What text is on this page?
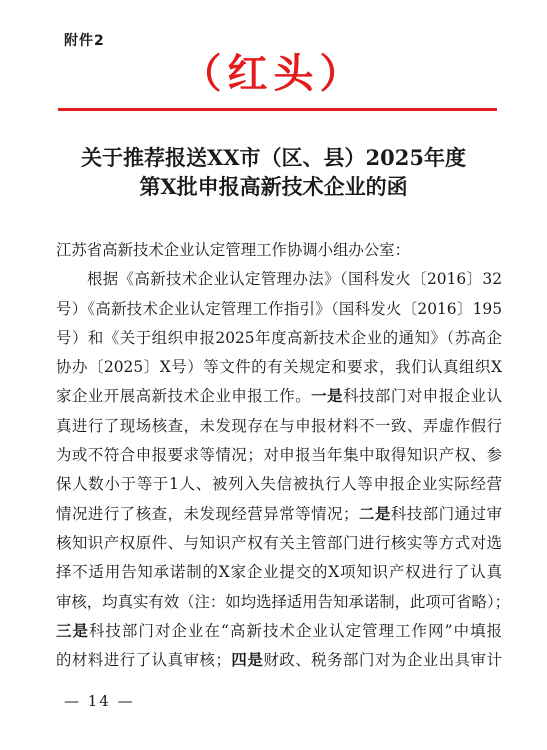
附件2
（红头）
关于推荐报送XX市（区、县）2025年度
第X批申报高新技术企业的函
江苏省高新技术企业认定管理工作协调小组办公室：
根据《高新技术企业认定管理办法》（国科发火〔2016〕32
号）《高新技术企业认定管理工作指引》（国科发火〔2016〕195
号）和《关于组织申报2025年度高新技术企业的通知》（苏高企
协办〔2025〕X号）等文件的有关规定和要求，我们认真组织X
家企业开展高新技术企业申报工作。一是科技部门对申报企业认
真进行了现场核查，未发现存在与申报材料不一致、弄虚作假行
为或不符合申报要求等情况；对申报当年集中取得知识产权、参
保人数小于等于1人、被列入失信被执行人等申报企业实际经营
情况进行了核查，未发现经营异常等情况；二是科技部门通过审
核知识产权原件、与知识产权有关主管部门进行核实等方式对选
择不适用告知承诺制的X家企业提交的X项知识产权进行了认真
审核，均真实有效（注：如均选择适用告知承诺制，此项可省略）；
三是科技部门对企业在“高新技术企业认定管理工作网”中填报
的材料进行了认真审核；四是财政、税务部门对为企业出具审计
— 14 —
